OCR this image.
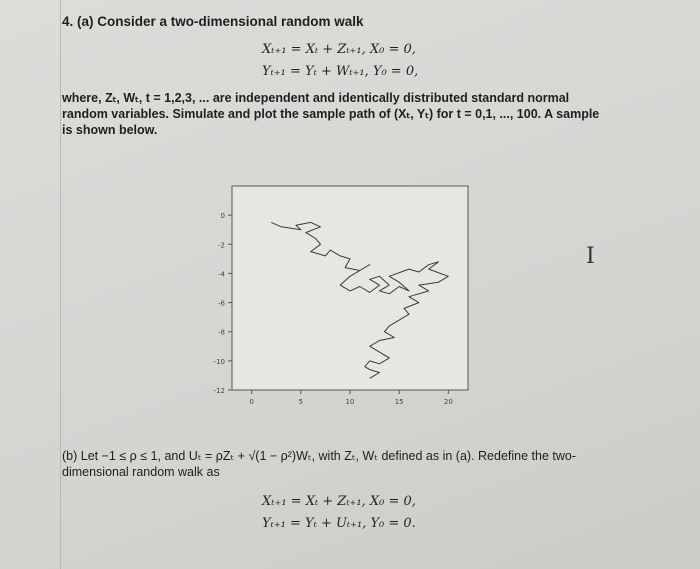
4. (a) Consider a two-dimensional random walk
Xₜ₊₁ = Xₜ + Zₜ₊₁, X₀ = 0,
Yₜ₊₁ = Yₜ + Wₜ₊₁, Y₀ = 0,
where, Zₜ, Wₜ, t = 1,2,3, ... are independent and identically distributed standard normal random variables. Simulate and plot the sample path of (Xₜ, Yₜ) for t = 0,1, ..., 100. A sample is shown below.
0
-2
-4
-6
-8
-10
-12
0	5	10	15	20
I
(b) Let −1 ≤ ρ ≤ 1, and Uₜ = ρZₜ + √(1 − ρ²)Wₜ, with Zₜ, Wₜ defined as in (a). Redefine the two-dimensional random walk as
Xₜ₊₁ = Xₜ + Zₜ₊₁, X₀ = 0,
Yₜ₊₁ = Yₜ + Uₜ₊₁, Y₀ = 0.
